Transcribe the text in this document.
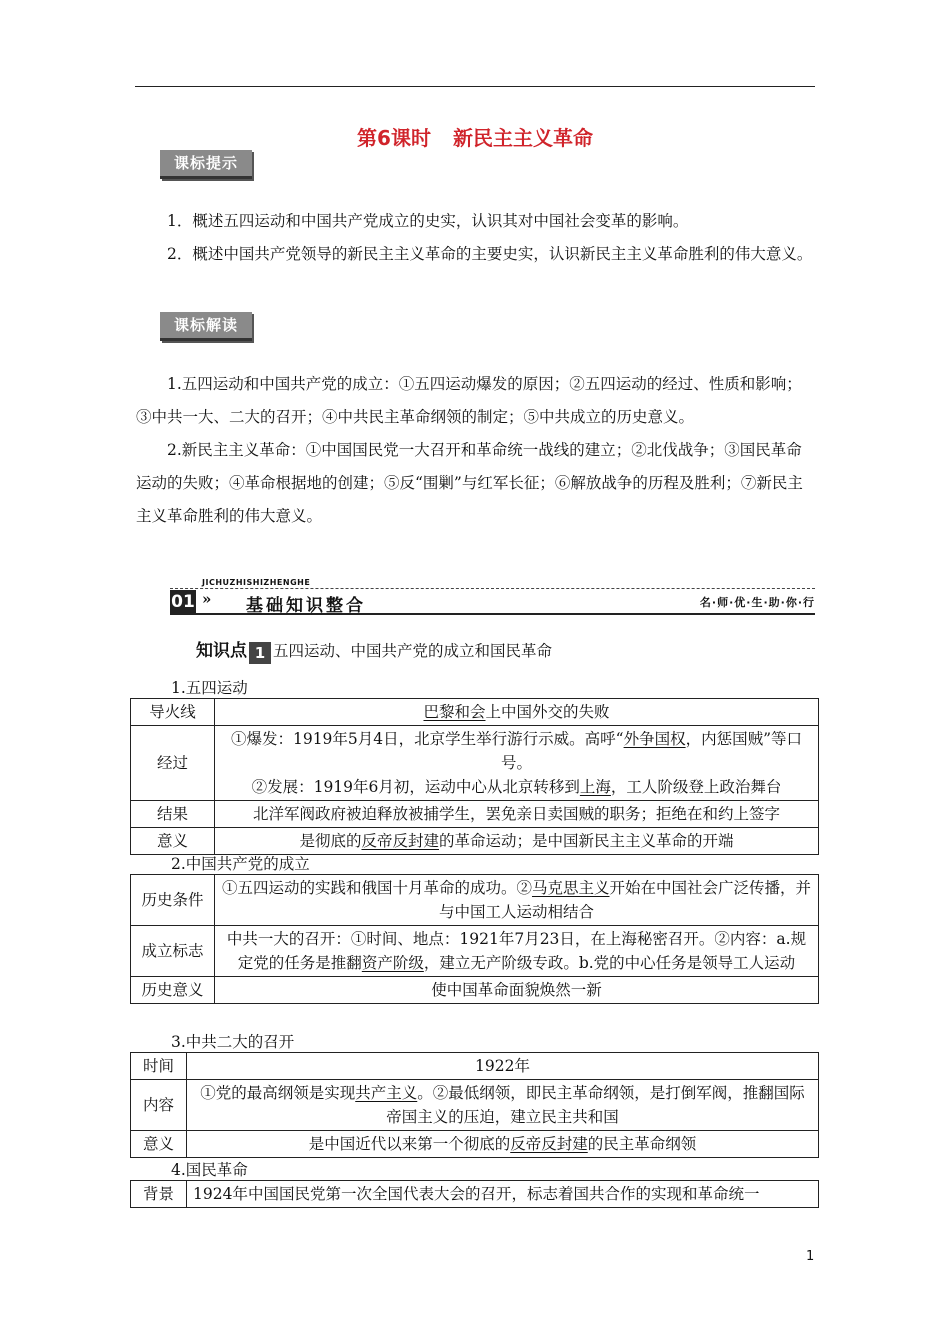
第6课时 新民主主义革命
课标提示

1．概述五四运动和中国共产党成立的史实，认识其对中国社会变革的影响。

2．概述中国共产党领导的新民主主义革命的主要史实，认识新民主主义革命胜利的伟大意义。

课标解读

1.五四运动和中国共产党的成立：①五四运动爆发的原因；②五四运动的经过、性质和影响；③中共一大、二大的召开；④中共民主革命纲领的制定；⑤中共成立的历史意义。

2.新民主主义革命：①中国国民党一大召开和革命统一战线的建立；②北伐战争；③国民革命运动的失败；④革命根据地的创建；⑤反“围剿”与红军长征；⑥解放战争的历程及胜利；⑦新民主主义革命胜利的伟大意义。

JICHUZHISHIZHENGHE
01 » 基础知识整合	名·师·优·生·助·你·行
知识点 1 五四运动、中国共产党的成立和国民革命
1.五四运动
导火线	巴黎和会上中国外交的失败
经过	①爆发：1919年5月4日，北京学生举行游行示威。高呼“外争国权，内惩国贼”等口号。
②发展：1919年6月初，运动中心从北京转移到上海，工人阶级登上政治舞台

结果	北洋军阀政府被迫释放被捕学生，罢免亲日卖国贼的职务；拒绝在和约上签字
意义	是彻底的反帝反封建的革命运动；是中国新民主主义革命的开端
2.中国共产党的成立
历史条件	①五四运动的实践和俄国十月革命的成功。②马克思主义开始在中国社会广泛传播，并与中国工人运动相结合
成立标志	中共一大的召开：①时间、地点：1921年7月23日，在上海秘密召开。②内容：a.规定党的任务是推翻资产阶级，建立无产阶级专政。b.党的中心任务是领导工人运动
历史意义	使中国革命面貌焕然一新
3.中共二大的召开
时间	1922年
内容	①党的最高纲领是实现共产主义。②最低纲领，即民主革命纲领，是打倒军阀，推翻国际帝国主义的压迫，建立民主共和国
意义	是中国近代以来第一个彻底的反帝反封建的民主革命纲领
4.国民革命
背景	1924年中国国民党第一次全国代表大会的召开，标志着国共合作的实现和革命统一
1
